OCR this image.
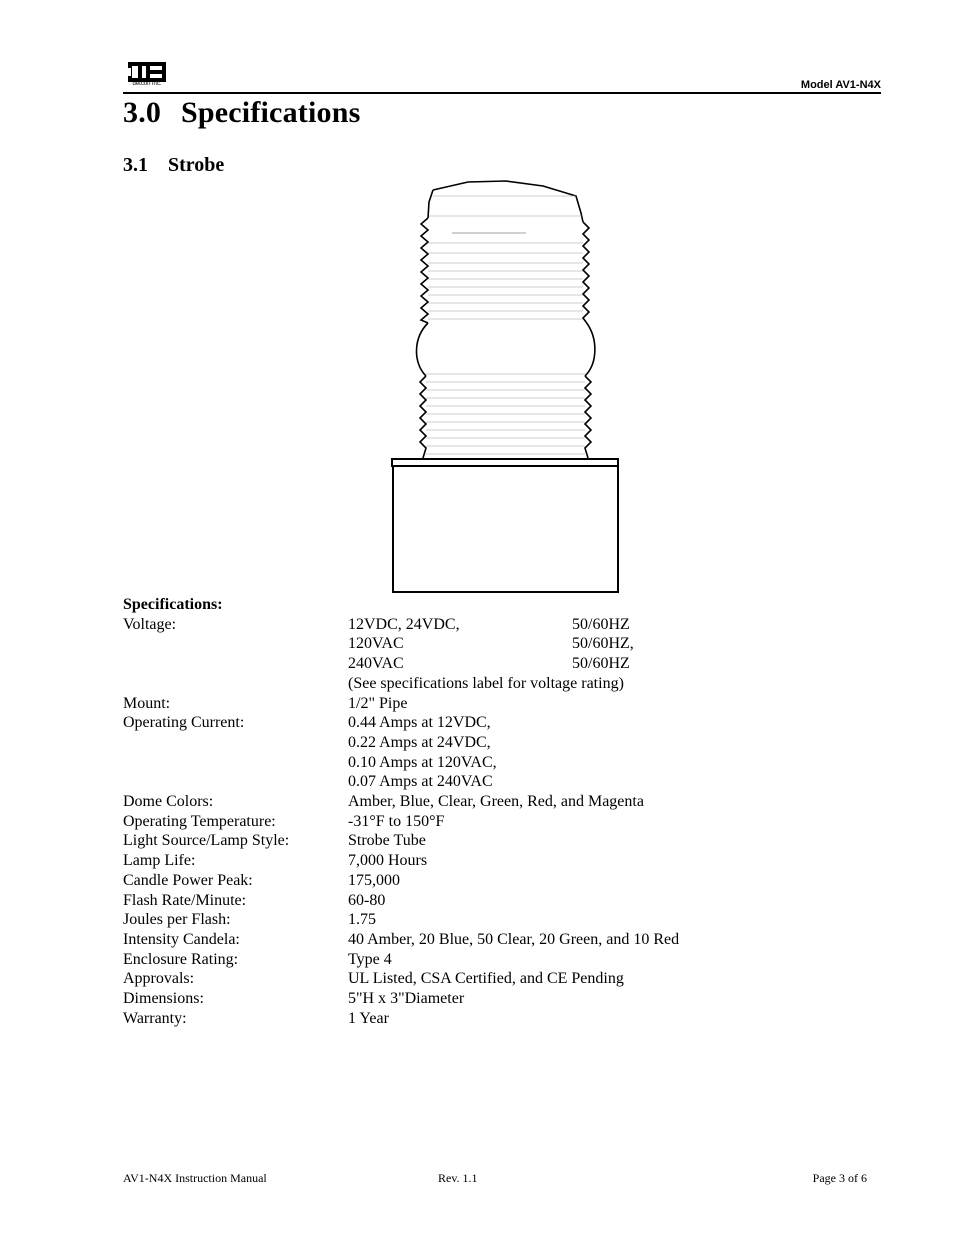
detcon inc.	Model AV1-N4X
3.0 Specifications
3.1 Strobe
Specifications:
Voltage:	12VDC, 24VDC,	50/60HZ
120VAC	50/60HZ,
240VAC	50/60HZ
(See specifications label for voltage rating)
Mount:	1/2" Pipe
Operating Current:	0.44 Amps at 12VDC,
0.22 Amps at 24VDC,
0.10 Amps at 120VAC,
0.07 Amps at 240VAC
Dome Colors:	Amber, Blue, Clear, Green, Red, and Magenta
Operating Temperature:	-31°F to 150°F
Light Source/Lamp Style:	Strobe Tube
Lamp Life:	7,000 Hours
Candle Power Peak:	175,000
Flash Rate/Minute:	60-80
Joules per Flash:	1.75
Intensity Candela:	40 Amber, 20 Blue, 50 Clear, 20 Green, and 10 Red
Enclosure Rating:	Type 4
Approvals:	UL Listed, CSA Certified, and CE Pending
Dimensions:	5"H x 3"Diameter
Warranty:	1 Year
AV1-N4X Instruction Manual	Rev. 1.1	Page 3 of 6
